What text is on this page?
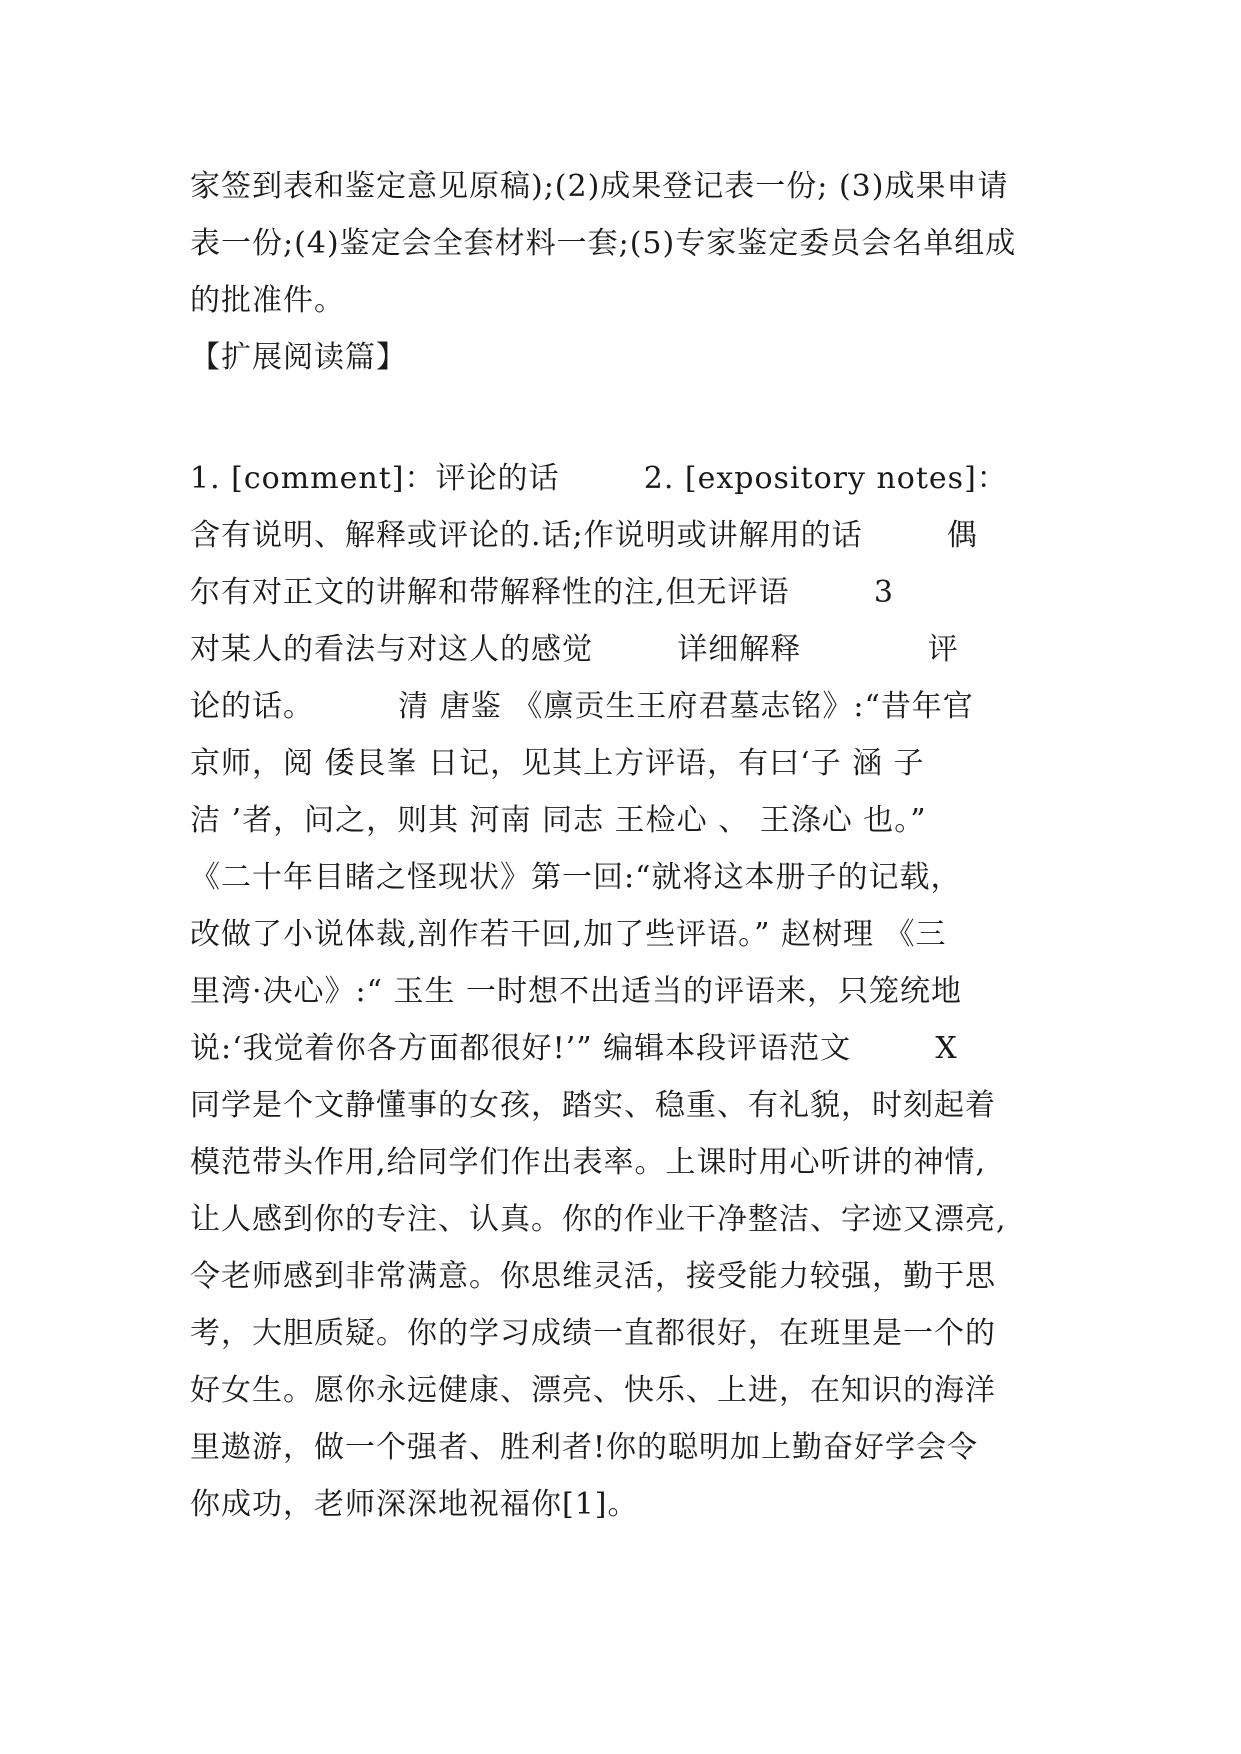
家签到表和鉴定意见原稿);(2)成果登记表一份; (3)成果申请
表一份;(4)鉴定会全套材料一套;(5)专家鉴定委员会名单组成
的批准件。
【扩展阅读篇】
1. [comment]：评论的话        2. [expository notes]：
含有说明、解释或评论的.话;作说明或讲解用的话        偶
尔有对正文的讲解和带解释性的注,但无评语        3
对某人的看法与对这人的感觉        详细解释            评
论的话。        清 唐鉴 《廪贡生王府君墓志铭》:“昔年官
京师，阅 倭艮峯 日记，见其上方评语，有曰‘子 涵 子
洁 ’者，问之，则其 河南 同志 王检心 、 王涤心 也。”
《二十年目睹之怪现状》第一回:“就将这本册子的记载，
改做了小说体裁,剖作若干回,加了些评语。” 赵树理 《三
里湾·决心》:“ 玉生 一时想不出适当的评语来，只笼统地
说:‘我觉着你各方面都很好!’” 编辑本段评语范文        X
同学是个文静懂事的女孩，踏实、稳重、有礼貌，时刻起着
模范带头作用,给同学们作出表率。上课时用心听讲的神情,
让人感到你的专注、认真。你的作业干净整洁、字迹又漂亮,
令老师感到非常满意。你思维灵活，接受能力较强，勤于思
考，大胆质疑。你的学习成绩一直都很好，在班里是一个的
好女生。愿你永远健康、漂亮、快乐、上进，在知识的海洋
里遨游，做一个强者、胜利者!你的聪明加上勤奋好学会令
你成功，老师深深地祝福你[1]。
